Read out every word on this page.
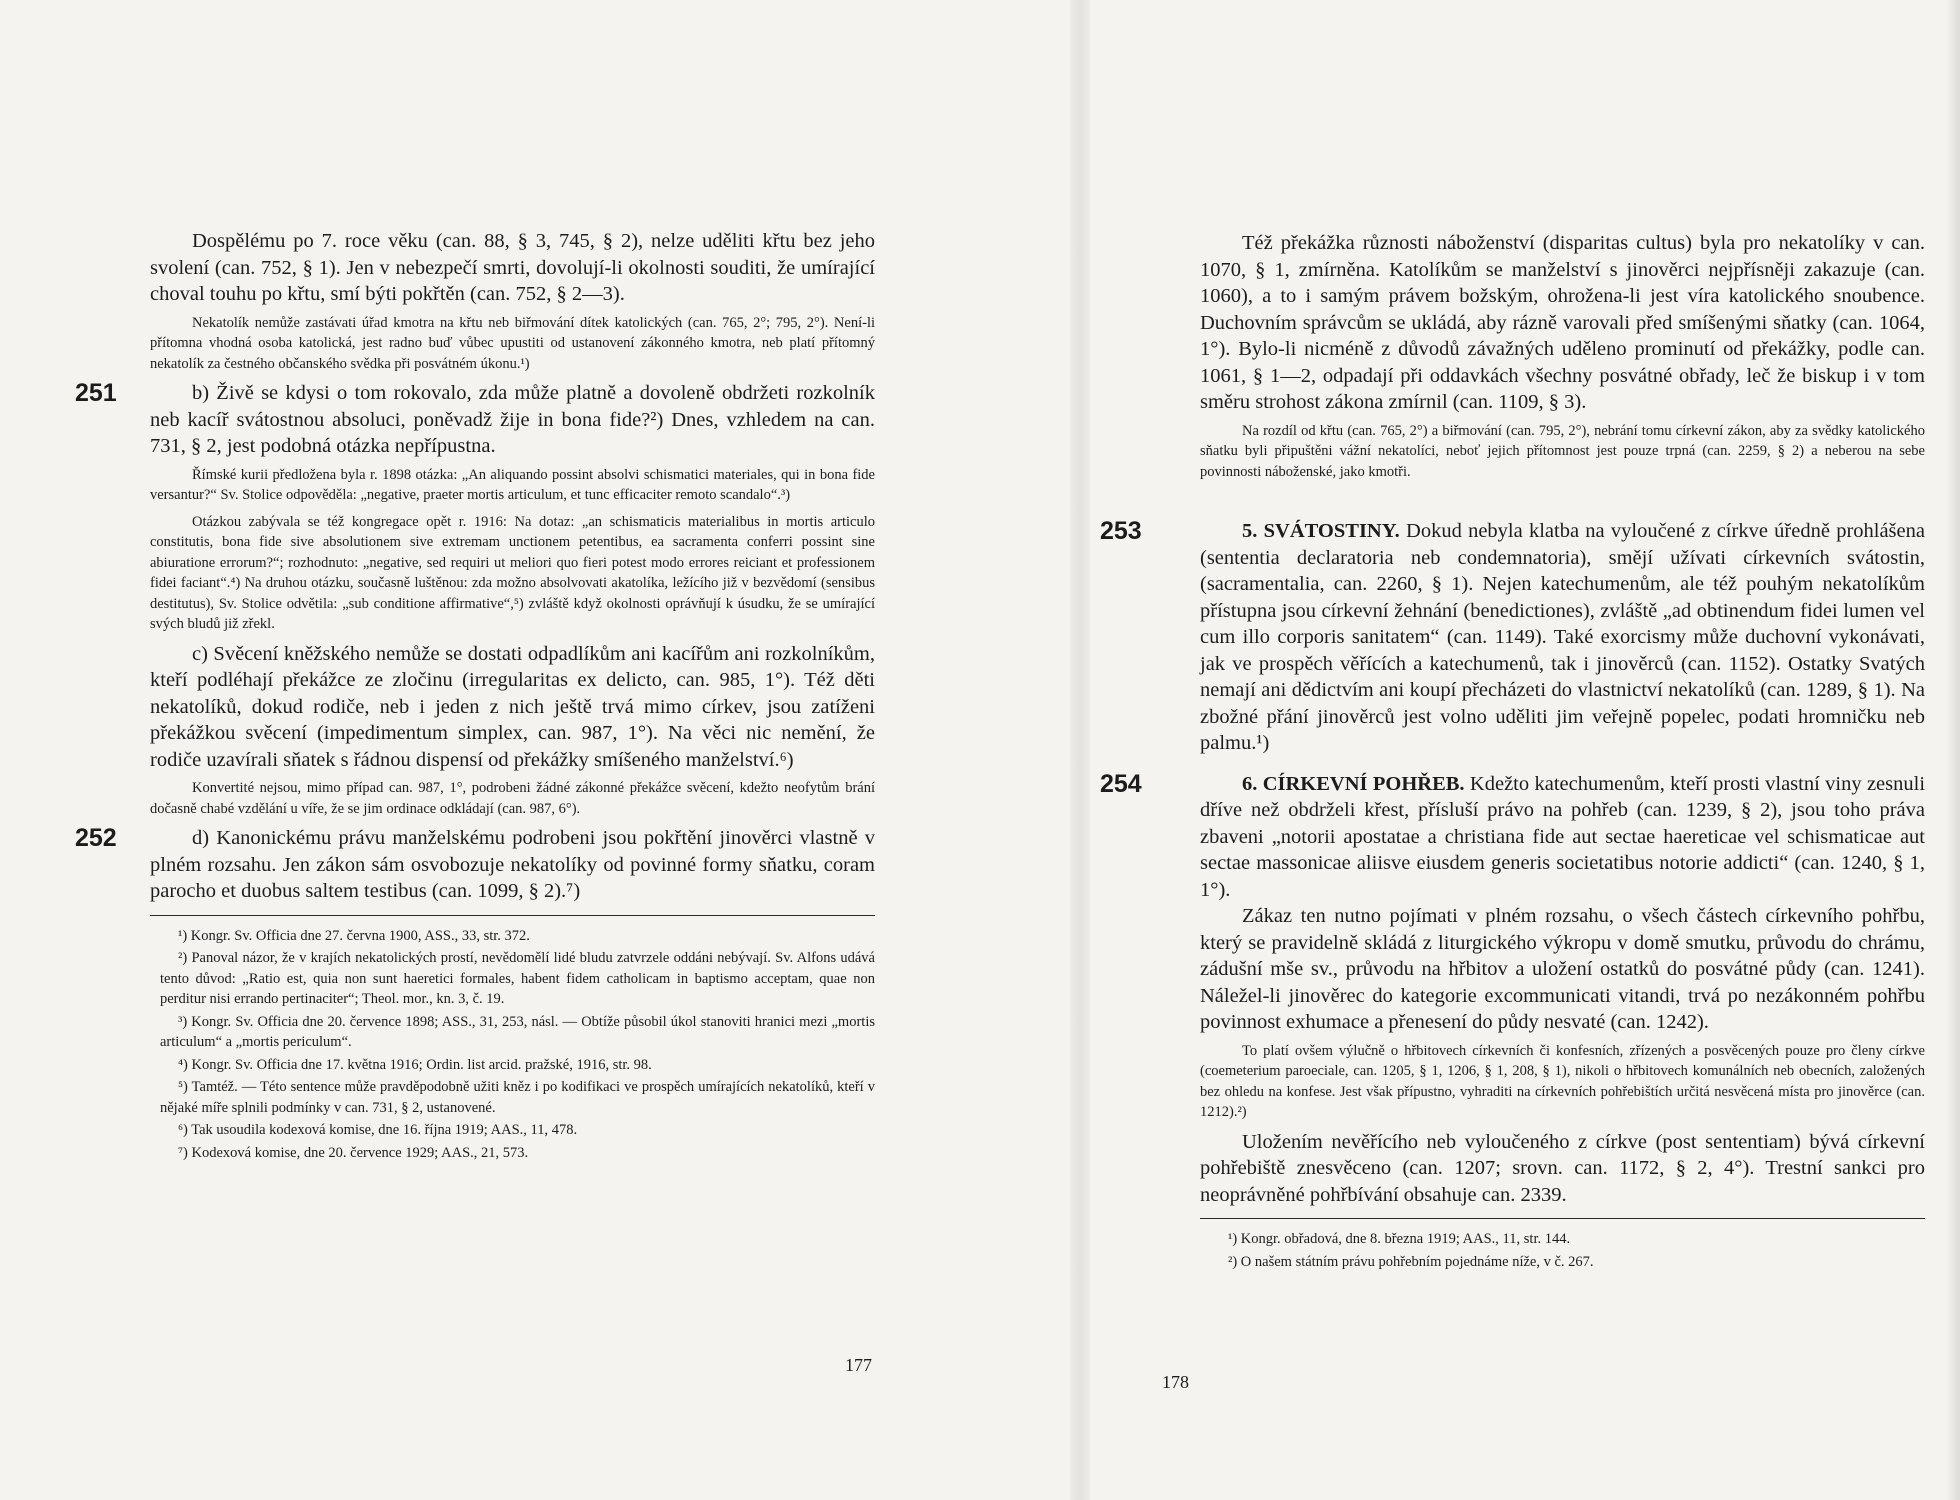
Dospělému po 7. roce věku (can. 88, § 3, 745, § 2), nelze uděliti křtu bez jeho svolení (can. 752, § 1). Jen v nebezpečí smrti, dovolují-li okolnosti souditi, že umírající choval touhu po křtu, smí býti pokřtěn (can. 752, § 2—3).

Nekatolík nemůže zastávati úřad kmotra na křtu neb biřmování dítek katolických (can. 765, 2°; 795, 2°). Není-li přítomna vhodná osoba katolická, jest radno buď vůbec upustiti od ustanovení zákonného kmotra, neb platí přítomný nekatolík za čestného občanského svědka při posvátném úkonu.¹)

251	b) Živě se kdysi o tom rokovalo, zda může platně a dovoleně obdržeti rozkolník neb kacíř svátostnou absoluci, poněvadž žije in bona fide?²) Dnes, vzhledem na can. 731, § 2, jest podobná otázka nepřípustna.

Římské kurii předložena byla r. 1898 otázka: „An aliquando possint absolvi schismatici materiales, qui in bona fide versantur?“ Sv. Stolice odpověděla: „negative, praeter mortis articulum, et tunc efficaciter remoto scandalo“.³)

Otázkou zabývala se též kongregace opět r. 1916: Na dotaz: „an schismaticis materialibus in mortis articulo constitutis, bona fide sive absolutionem sive extremam unctionem petentibus, ea sacramenta conferri possint sine abiuratione errorum?“; rozhodnuto: „negative, sed requiri ut meliori quo fieri potest modo errores reiciant et professionem fidei faciant“.⁴) Na druhou otázku, současně luštěnou: zda možno absolvovati akatolíka, ležícího již v bezvědomí (sensibus destitutus), Sv. Stolice odvětila: „sub conditione affirmative“,⁵) zvláště když okolnosti oprávňují k úsudku, že se umírající svých bludů již zřekl.

c) Svěcení kněžského nemůže se dostati odpadlíkům ani kacířům ani rozkolníkům, kteří podléhají překážce ze zločinu (irregularitas ex delicto, can. 985, 1°). Též děti nekatolíků, dokud rodiče, neb i jeden z nich ještě trvá mimo církev, jsou zatíženi překážkou svěcení (impedimentum simplex, can. 987, 1°). Na věci nic nemění, že rodiče uzavírali sňatek s řádnou dispensí od překážky smíšeného manželství.⁶)

Konvertité nejsou, mimo případ can. 987, 1°, podrobeni žádné zákonné překážce svěcení, kdežto neofytům brání dočasně chabé vzdělání u víře, že se jim ordinace odkládají (can. 987, 6°).

252	d) Kanonickému právu manželskému podrobeni jsou pokřtění jinověrci vlastně v plném rozsahu. Jen zákon sám osvobozuje nekatolíky od povinné formy sňatku, coram parocho et duobus saltem testibus (can. 1099, § 2).⁷)

¹) Kongr. Sv. Officia dne 27. června 1900, ASS., 33, str. 372.

²) Panoval názor, že v krajích nekatolických prostí, nevědomělí lidé bludu zatvrzele oddáni nebývají. Sv. Alfons udává tento důvod: „Ratio est, quia non sunt haeretici formales, habent fidem catholicam in baptismo acceptam, quae non perditur nisi errando pertinaciter“; Theol. mor., kn. 3, č. 19.

³) Kongr. Sv. Officia dne 20. července 1898; ASS., 31, 253, násl. — Obtíže působil úkol stanoviti hranici mezi „mortis articulum“ a „mortis periculum“.

⁴) Kongr. Sv. Officia dne 17. května 1916; Ordin. list arcid. pražské, 1916, str. 98.

⁵) Tamtéž. — Této sentence může pravděpodobně užiti kněz i po kodifikaci ve prospěch umírajících nekatolíků, kteří v nějaké míře splnili podmínky v can. 731, § 2, ustanovené.

⁶) Tak usoudila kodexová komise, dne 16. října 1919; AAS., 11, 478.

⁷) Kodexová komise, dne 20. července 1929; AAS., 21, 573.

177

Též překážka různosti náboženství (disparitas cultus) byla pro nekatolíky v can. 1070, § 1, zmírněna. Katolíkům se manželství s jinověrci nejpřísněji zakazuje (can. 1060), a to i samým právem božským, ohrožena-li jest víra katolického snoubence. Duchovním správcům se ukládá, aby rázně varovali před smíšenými sňatky (can. 1064, 1°). Bylo-li nicméně z důvodů závažných uděleno prominutí od překážky, podle can. 1061, § 1—2, odpadají při oddavkách všechny posvátné obřady, leč že biskup i v tom směru strohost zákona zmírnil (can. 1109, § 3).

Na rozdíl od křtu (can. 765, 2°) a biřmování (can. 795, 2°), nebrání tomu církevní zákon, aby za svědky katolického sňatku byli připuštěni vážní nekatolíci, neboť jejich přítomnost jest pouze trpná (can. 2259, § 2) a neberou na sebe povinnosti náboženské, jako kmotři.

253	5. SVÁTOSTINY. Dokud nebyla klatba na vyloučené z církve úředně prohlášena (sententia declaratoria neb condemnatoria), smějí užívati církevních svátostin, (sacramentalia, can. 2260, § 1). Nejen katechumenům, ale též pouhým nekatolíkům přístupna jsou církevní žehnání (benedictiones), zvláště „ad obtinendum fidei lumen vel cum illo corporis sanitatem“ (can. 1149). Také exorcismy může duchovní vykonávati, jak ve prospěch věřících a katechumenů, tak i jinověrců (can. 1152). Ostatky Svatých nemají ani dědictvím ani koupí přecházeti do vlastnictví nekatolíků (can. 1289, § 1). Na zbožné přání jinověrců jest volno uděliti jim veřejně popelec, podati hromničku neb palmu.¹)

254	6. CÍRKEVNÍ POHŘEB. Kdežto katechumenům, kteří prosti vlastní viny zesnuli dříve než obdrželi křest, přísluší právo na pohřeb (can. 1239, § 2), jsou toho práva zbaveni „notorii apostatae a christiana fide aut sectae haereticae vel schismaticae aut sectae massonicae aliisve eiusdem generis societatibus notorie addicti“ (can. 1240, § 1, 1°).

Zákaz ten nutno pojímati v plném rozsahu, o všech částech církevního pohřbu, který se pravidelně skládá z liturgického výkropu v domě smutku, průvodu do chrámu, zádušní mše sv., průvodu na hřbitov a uložení ostatků do posvátné půdy (can. 1241). Náležel-li jinověrec do kategorie excommunicati vitandi, trvá po nezákonném pohřbu povinnost exhumace a přenesení do půdy nesvaté (can. 1242).

To platí ovšem výlučně o hřbitovech církevních či konfesních, zřízených a posvěcených pouze pro členy církve (coemeterium paroeciale, can. 1205, § 1, 1206, § 1, 208, § 1), nikoli o hřbitovech komunálních neb obecních, založených bez ohledu na konfese. Jest však přípustno, vyhraditi na církevních pohřebištích určitá nesvěcená místa pro jinověrce (can. 1212).²)

Uložením nevěřícího neb vyloučeného z církve (post sententiam) bývá církevní pohřebiště znesvěceno (can. 1207; srovn. can. 1172, § 2, 4°). Trestní sankci pro neoprávněné pohřbívání obsahuje can. 2339.

¹) Kongr. obřadová, dne 8. března 1919; AAS., 11, str. 144.

²) O našem státním právu pohřebním pojednáme níže, v č. 267.

178
